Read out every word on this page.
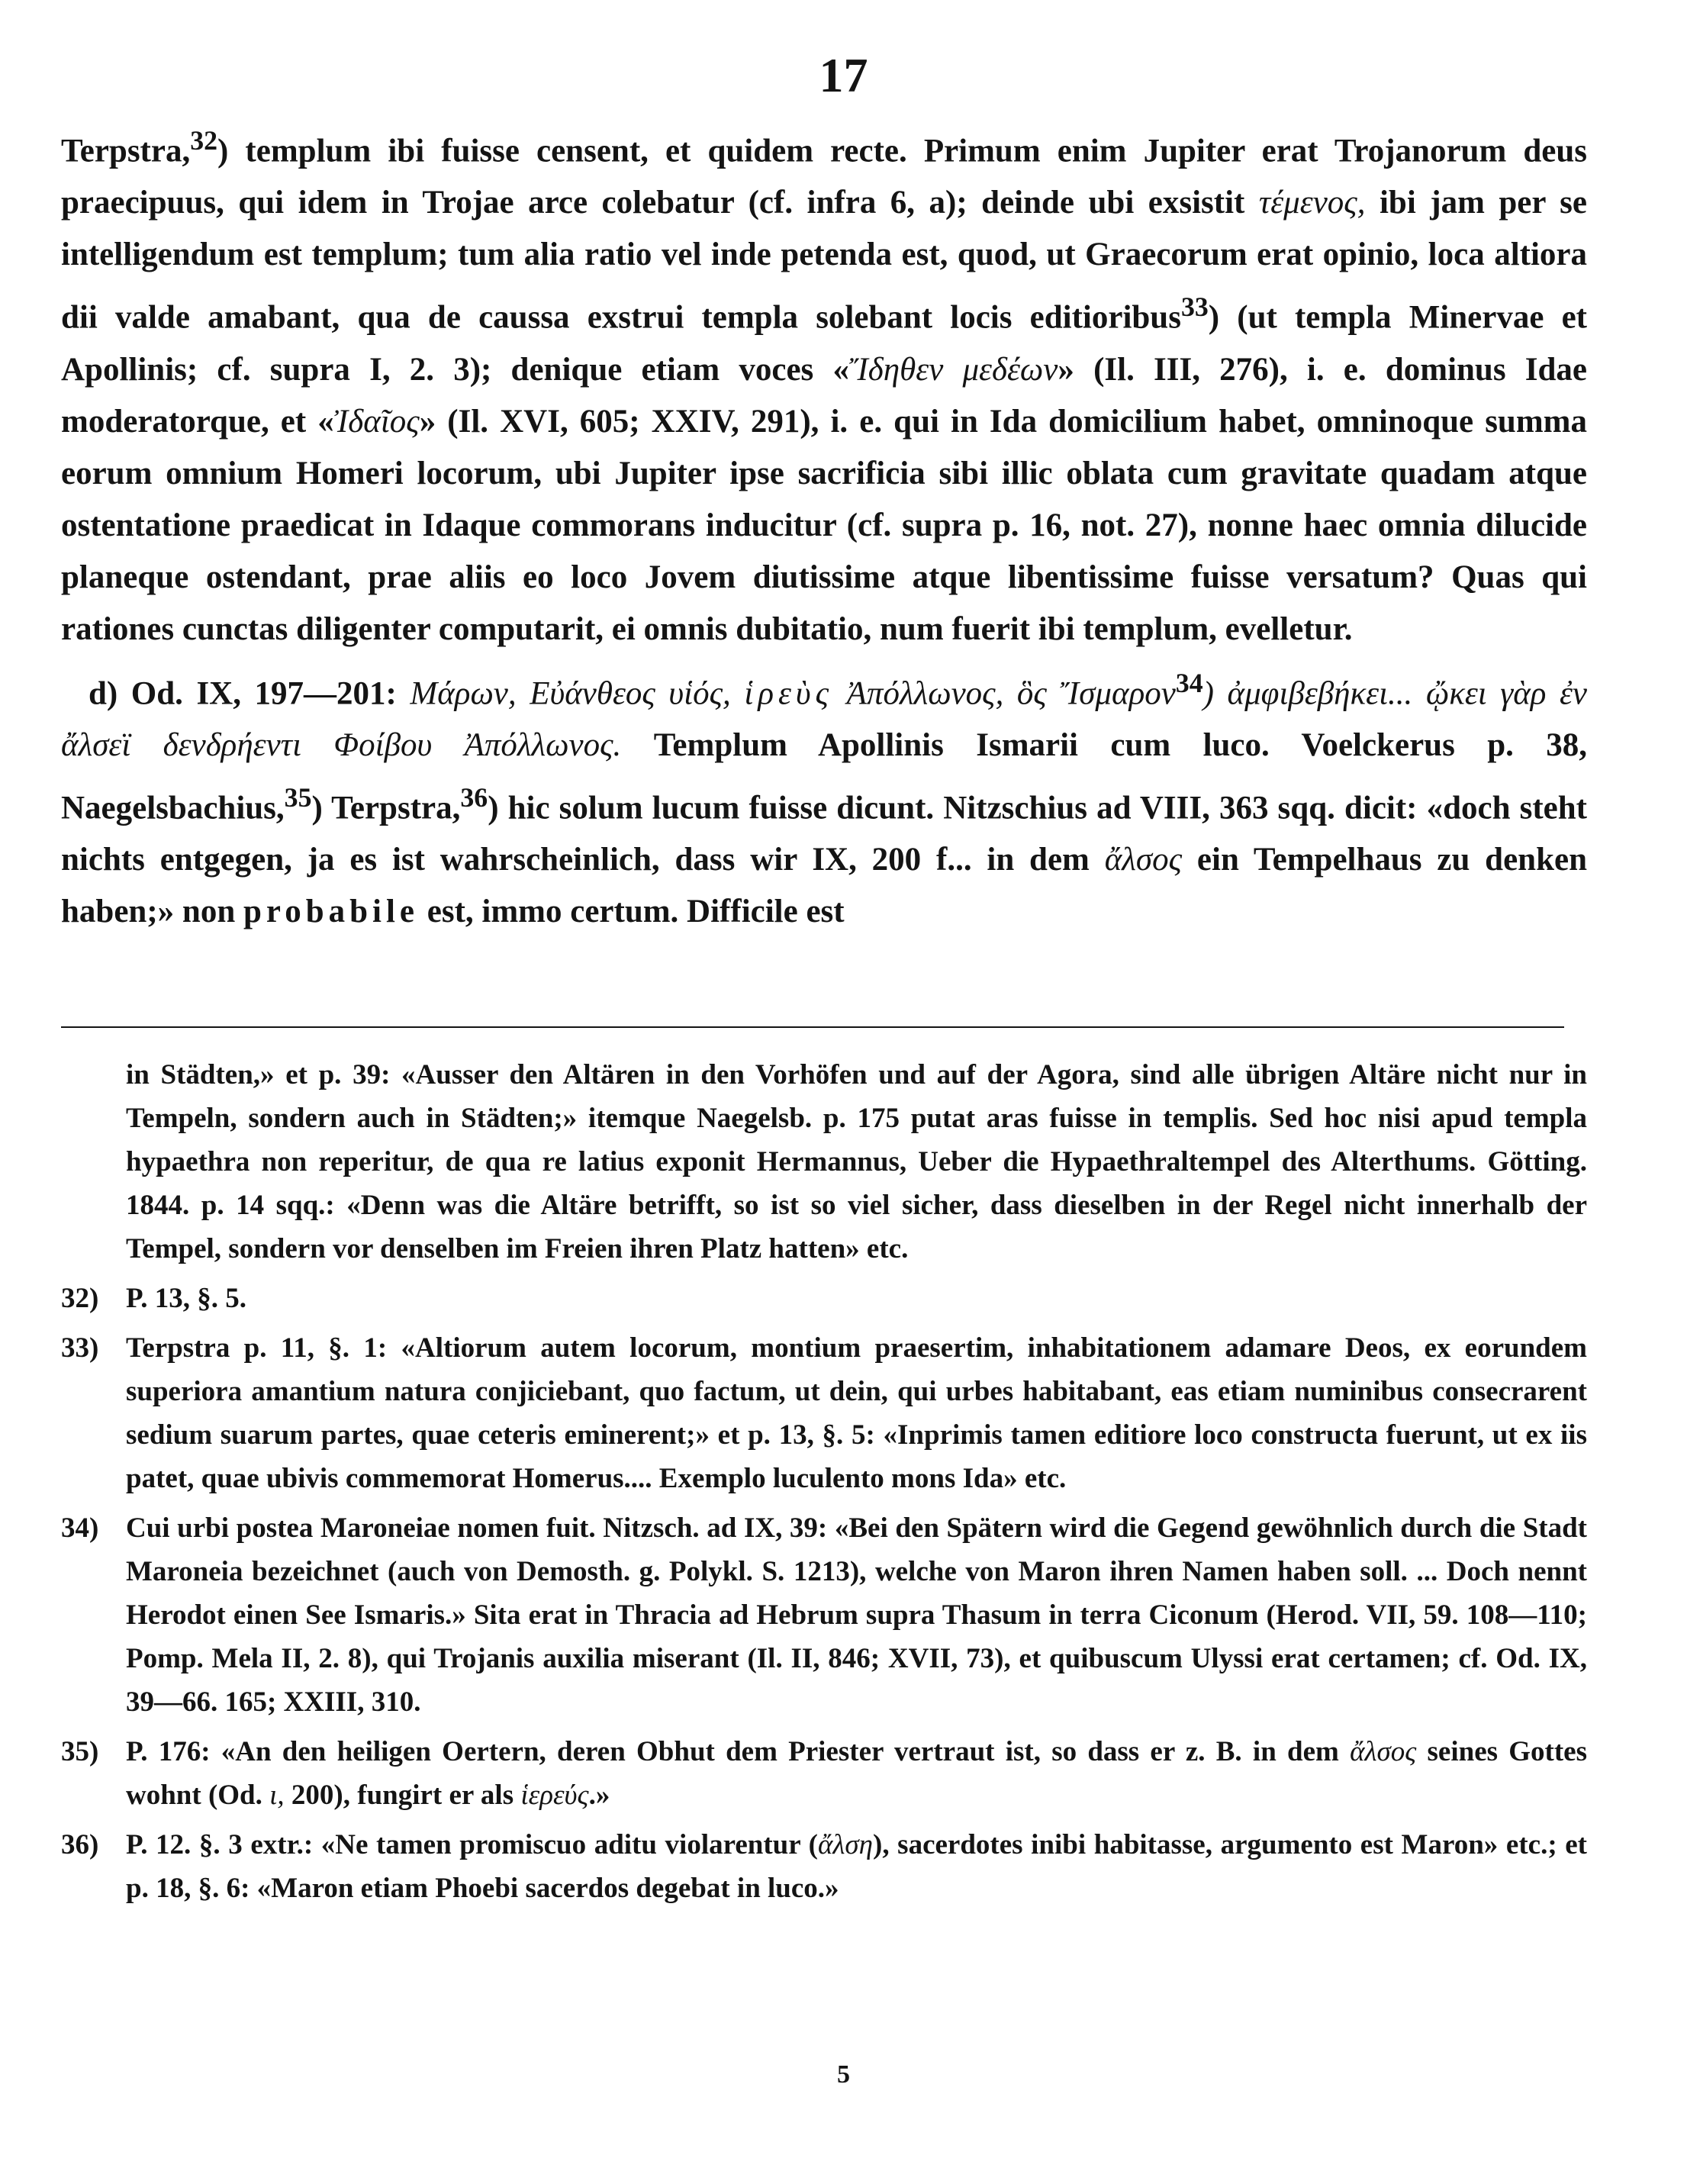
17

Terpstra,$^{32}$) templum ibi fuisse censent, et quidem recte. Primum enim Jupiter erat Trojanorum deus praecipuus, qui idem in Trojae arce colebatur (cf. infra 6, a); deinde ubi exsistit τέμενος, ibi jam per se intelligendum est templum; tum alia ratio vel inde petenda est, quod, ut Graecorum erat opinio, loca altiora dii valde amabant, qua de caussa exstrui templa solebant locis editioribus$^{33}$) (ut templa Minervae et Apollinis; cf. supra I, 2. 3); denique etiam voces «Ἴδηθεν μεδέων» (Il. III, 276), i. e. dominus Idae moderatorque, et «Ἰδαῖος» (Il. XVI, 605; XXIV, 291), i. e. qui in Ida domicilium habet, omninoque summa eorum omnium Homeri locorum, ubi Jupiter ipse sacrificia sibi illic oblata cum gravitate quadam atque ostentatione praedicat in Idaque commorans inducitur (cf. supra p. 16, not. 27), nonne haec omnia dilucide planeque ostendant, prae aliis eo loco Jovem diutissime atque libentissime fuisse versatum? Quas qui rationes cunctas diligenter computarit, ei omnis dubitatio, num fuerit ibi templum, evelletur.

d) Od. IX, 197—201: Μάρων, Εὐάνθεος υἱός, ἱρεὺς Ἀπόλλωνος, ὃς Ἴσμαρον$^{34}$) ἀμφιβεβήκει... ᾤκει γὰρ ἐν ἄλσεϊ δενδρήεντι Φοίβου Ἀπόλλωνος. Templum Apollinis Ismarii cum luco. Voelckerus p. 38, Naegelsbachius,$^{35}$) Terpstra,$^{36}$) hic solum lucum fuisse dicunt. Nitzschius ad VIII, 363 sqq. dicit: «doch steht nichts entgegen, ja es ist wahrscheinlich, dass wir IX, 200 f... in dem ἄλσος ein Tempelhaus zu denken haben;» non probabile est, immo certum. Difficile est

in Städten,» et p. 39: «Ausser den Altären in den Vorhöfen und auf der Agora, sind alle übrigen Altäre nicht nur in Tempeln, sondern auch in Städten;» itemque Naegelsb. p. 175 putat aras fuisse in templis. Sed hoc nisi apud templa hypaethra non reperitur, de qua re latius exponit Hermannus, Ueber die Hypaethraltempel des Alterthums. Götting. 1844. p. 14 sqq.: «Denn was die Altäre betrifft, so ist so viel sicher, dass dieselben in der Regel nicht innerhalb der Tempel, sondern vor denselben im Freien ihren Platz hatten» etc.
32) P. 13, §. 5.
33) Terpstra p. 11, §. 1: «Altiorum autem locorum, montium praesertim, inhabitationem adamare Deos, ex eorundem superiora amantium natura conjiciebant, quo factum, ut dein, qui urbes habitabant, eas etiam numinibus consecrarent sedium suarum partes, quae ceteris eminerent;» et p. 13, §. 5: «Inprimis tamen editiore loco constructa fuerunt, ut ex iis patet, quae ubivis commemorat Homerus.... Exemplo luculento mons Ida» etc.
34) Cui urbi postea Maroneiae nomen fuit. Nitzsch. ad IX, 39: «Bei den Spätern wird die Gegend gewöhnlich durch die Stadt Maroneia bezeichnet (auch von Demosth. g. Polykl. S. 1213), welche von Maron ihren Namen haben soll. ... Doch nennt Herodot einen See Ismaris.» Sita erat in Thracia ad Hebrum supra Thasum in terra Ciconum (Herod. VII, 59. 108—110; Pomp. Mela II, 2. 8), qui Trojanis auxilia miserant (Il. II, 846; XVII, 73), et quibuscum Ulyssi erat certamen; cf. Od. IX, 39—66. 165; XXIII, 310.
35) P. 176: «An den heiligen Oertern, deren Obhut dem Priester vertraut ist, so dass er z. B. in dem ἄλσος seines Gottes wohnt (Od. ι, 200), fungirt er als ἱερεύς.»
36) P. 12. §. 3 extr.: «Ne tamen promiscuo aditu violarentur (ἄλση), sacerdotes inibi habitasse, argumento est Maron» etc.; et p. 18, §. 6: «Maron etiam Phoebi sacerdos degebat in luco.»
5
